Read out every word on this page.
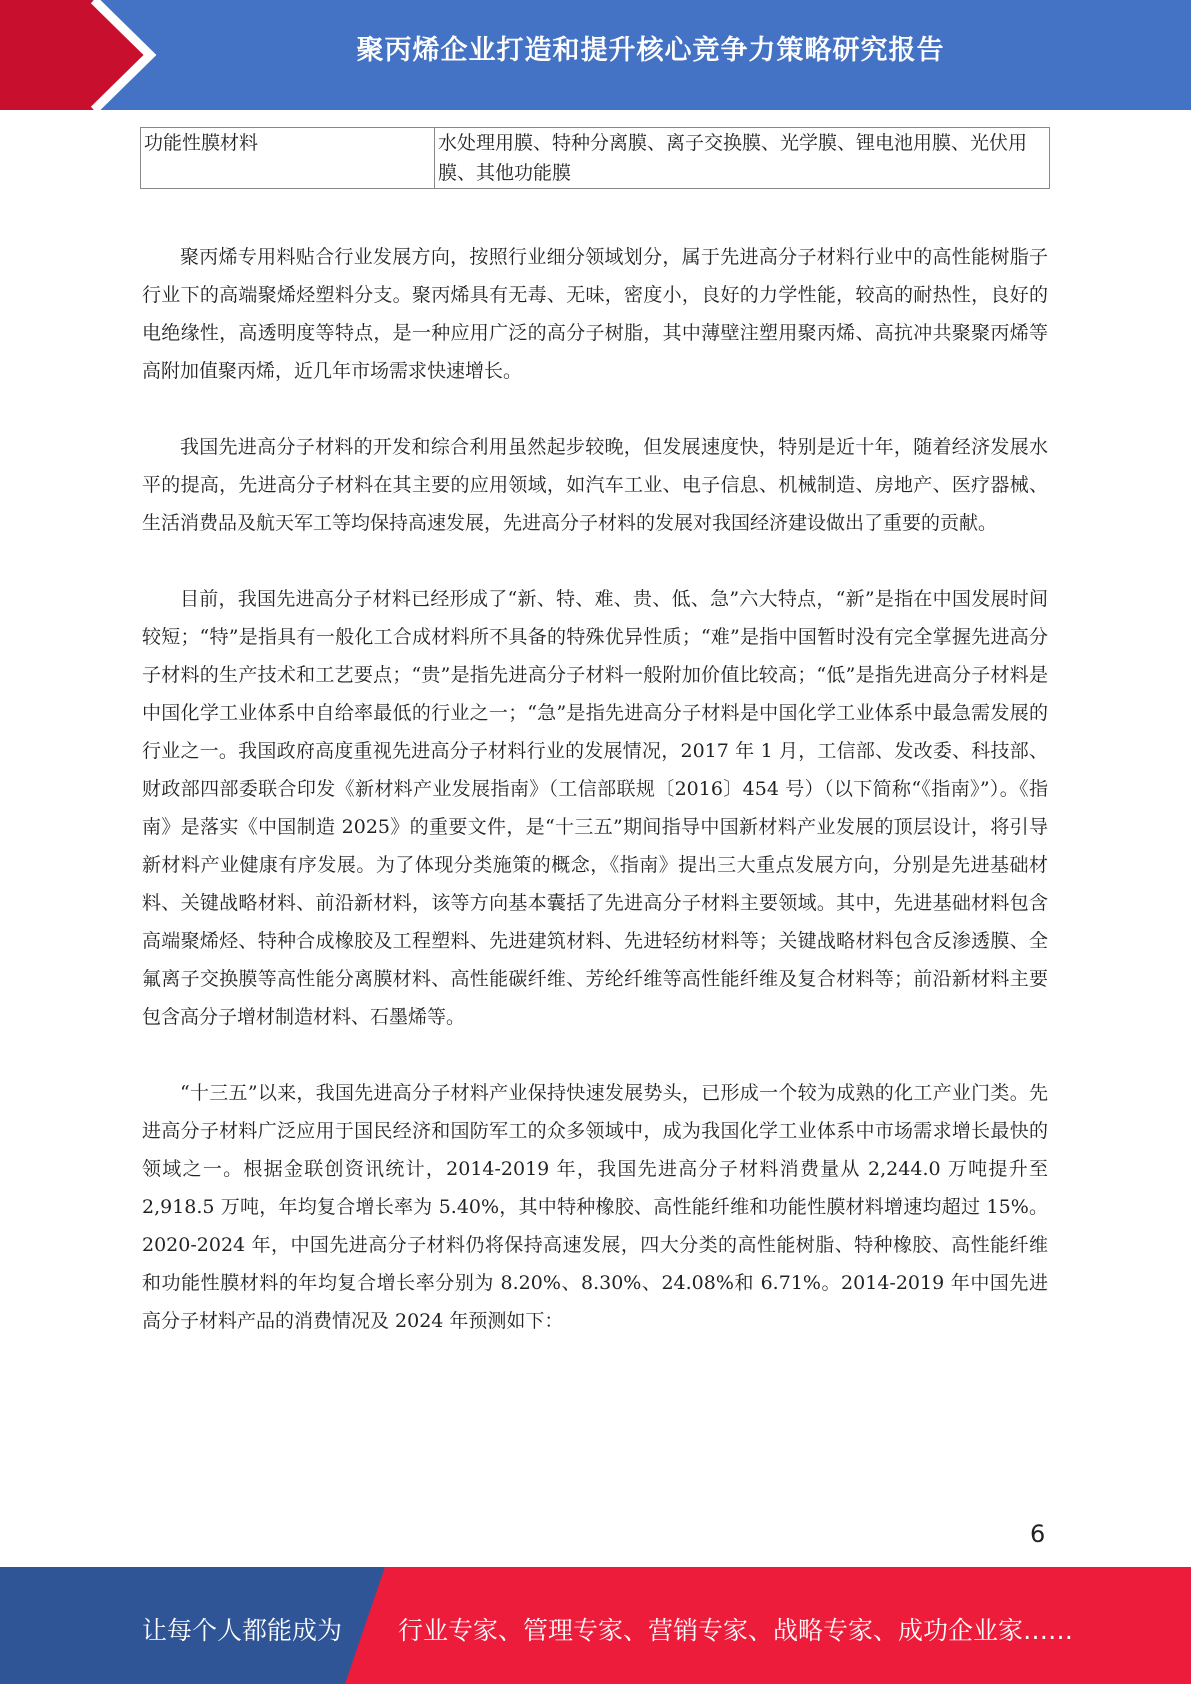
聚丙烯企业打造和提升核心竞争力策略研究报告
功能性膜材料	水处理用膜、特种分离膜、离子交换膜、光学膜、锂电池用膜、光伏用膜、其他功能膜

聚丙烯专用料贴合行业发展方向，按照行业细分领域划分，属于先进高分子材料行业中的高性能树脂子行业下的高端聚烯烃塑料分支。聚丙烯具有无毒、无味，密度小，良好的力学性能，较高的耐热性，良好的电绝缘性，高透明度等特点，是一种应用广泛的高分子树脂，其中薄壁注塑用聚丙烯、高抗冲共聚聚丙烯等高附加值聚丙烯，近几年市场需求快速增长。

我国先进高分子材料的开发和综合利用虽然起步较晚，但发展速度快，特别是近十年，随着经济发展水平的提高，先进高分子材料在其主要的应用领域，如汽车工业、电子信息、机械制造、房地产、医疗器械、生活消费品及航天军工等均保持高速发展，先进高分子材料的发展对我国经济建设做出了重要的贡献。

目前，我国先进高分子材料已经形成了“新、特、难、贵、低、急”六大特点，“新”是指在中国发展时间较短；“特”是指具有一般化工合成材料所不具备的特殊优异性质；“难”是指中国暂时没有完全掌握先进高分子材料的生产技术和工艺要点；“贵”是指先进高分子材料一般附加价值比较高；“低”是指先进高分子材料是中国化学工业体系中自给率最低的行业之一；“急”是指先进高分子材料是中国化学工业体系中最急需发展的行业之一。我国政府高度重视先进高分子材料行业的发展情况，2017 年 1 月，工信部、发改委、科技部、财政部四部委联合印发《新材料产业发展指南》（工信部联规〔2016〕454 号）（以下简称“《指南》”）。《指南》是落实《中国制造 2025》的重要文件，是“十三五”期间指导中国新材料产业发展的顶层设计，将引导新材料产业健康有序发展。为了体现分类施策的概念，《指南》提出三大重点发展方向，分别是先进基础材料、关键战略材料、前沿新材料，该等方向基本囊括了先进高分子材料主要领域。其中，先进基础材料包含高端聚烯烃、特种合成橡胶及工程塑料、先进建筑材料、先进轻纺材料等；关键战略材料包含反渗透膜、全氟离子交换膜等高性能分离膜材料、高性能碳纤维、芳纶纤维等高性能纤维及复合材料等；前沿新材料主要包含高分子增材制造材料、石墨烯等。

“十三五”以来，我国先进高分子材料产业保持快速发展势头，已形成一个较为成熟的化工产业门类。先进高分子材料广泛应用于国民经济和国防军工的众多领域中，成为我国化学工业体系中市场需求增长最快的领域之一。根据金联创资讯统计，2014-2019 年，我国先进高分子材料消费量从 2,244.0 万吨提升至 2,918.5 万吨，年均复合增长率为 5.40%，其中特种橡胶、高性能纤维和功能性膜材料增速均超过 15%。2020-2024 年，中国先进高分子材料仍将保持高速发展，四大分类的高性能树脂、特种橡胶、高性能纤维和功能性膜材料的年均复合增长率分别为 8.20%、8.30%、24.08%和 6.71%。2014-2019 年中国先进高分子材料产品的消费情况及 2024 年预测如下：

6
让每个人都能成为 行业专家、管理专家、营销专家、战略专家、成功企业家……
